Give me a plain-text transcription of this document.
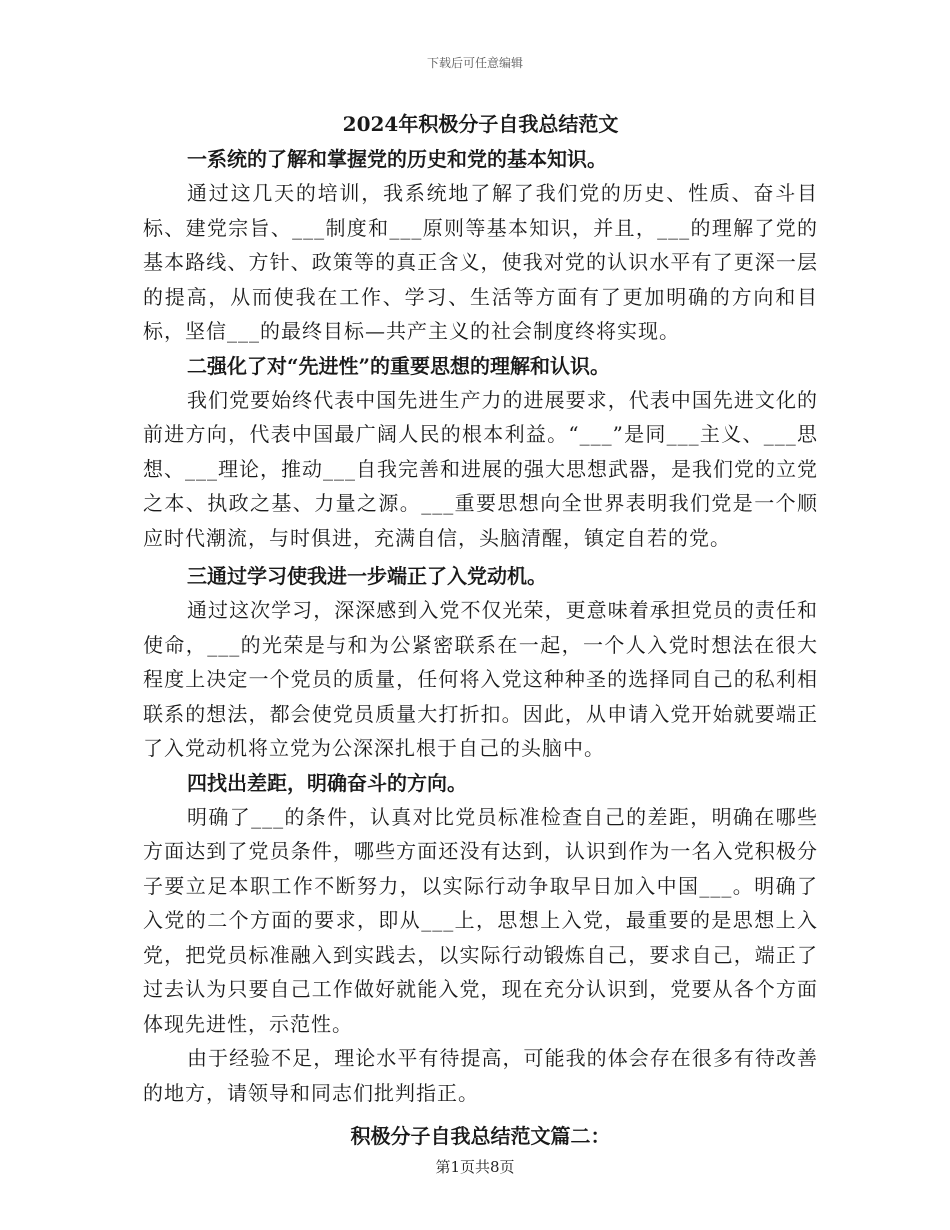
下载后可任意编辑
2024年积极分子自我总结范文
一系统的了解和掌握党的历史和党的基本知识。

通过这几天的培训，我系统地了解了我们党的历史、性质、奋斗目标、建党宗旨、___制度和___原则等基本知识，并且，___的理解了党的基本路线、方针、政策等的真正含义，使我对党的认识水平有了更深一层的提高，从而使我在工作、学习、生活等方面有了更加明确的方向和目标，坚信___的最终目标—共产主义的社会制度终将实现。

二强化了对“先进性”的重要思想的理解和认识。

我们党要始终代表中国先进生产力的进展要求，代表中国先进文化的前进方向，代表中国最广阔人民的根本利益。“___”是同___主义、___思想、___理论，推动___自我完善和进展的强大思想武器，是我们党的立党之本、执政之基、力量之源。___重要思想向全世界表明我们党是一个顺应时代潮流，与时俱进，充满自信，头脑清醒，镇定自若的党。

三通过学习使我进一步端正了入党动机。

通过这次学习，深深感到入党不仅光荣，更意味着承担党员的责任和使命，___的光荣是与和为公紧密联系在一起，一个人入党时想法在很大程度上决定一个党员的质量，任何将入党这种种圣的选择同自己的私利相联系的想法，都会使党员质量大打折扣。因此，从申请入党开始就要端正了入党动机将立党为公深深扎根于自己的头脑中。

四找出差距，明确奋斗的方向。

明确了___的条件，认真对比党员标准检查自己的差距，明确在哪些方面达到了党员条件，哪些方面还没有达到，认识到作为一名入党积极分子要立足本职工作不断努力，以实际行动争取早日加入中国___。明确了入党的二个方面的要求，即从___上，思想上入党，最重要的是思想上入党，把党员标准融入到实践去，以实际行动锻炼自己，要求自己，端正了过去认为只要自己工作做好就能入党，现在充分认识到，党要从各个方面体现先进性，示范性。

由于经验不足，理论水平有待提高，可能我的体会存在很多有待改善的地方，请领导和同志们批判指正。

积极分子自我总结范文篇二：
第1页共8页
